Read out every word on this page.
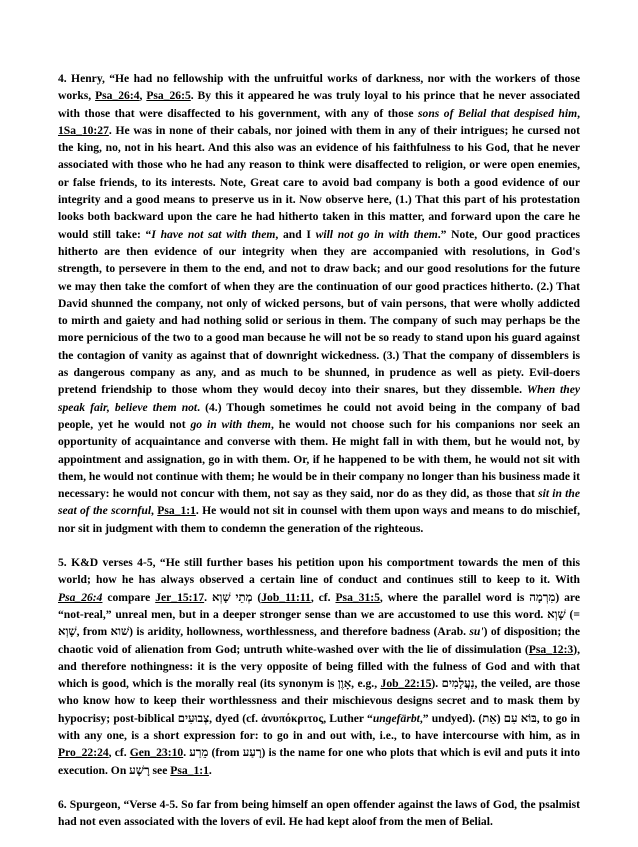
4. Henry, “He had no fellowship with the unfruitful works of darkness, nor with the workers of those works, Psa_26:4, Psa_26:5. By this it appeared he was truly loyal to his prince that he never associated with those that were disaffected to his government, with any of those sons of Belial that despised him, 1Sa_10:27. He was in none of their cabals, nor joined with them in any of their intrigues; he cursed not the king, no, not in his heart. And this also was an evidence of his faithfulness to his God, that he never associated with those who he had any reason to think were disaffected to religion, or were open enemies, or false friends, to its interests. Note, Great care to avoid bad company is both a good evidence of our integrity and a good means to preserve us in it. Now observe here, (1.) That this part of his protestation looks both backward upon the care he had hitherto taken in this matter, and forward upon the care he would still take: “I have not sat with them, and I will not go in with them.” Note, Our good practices hitherto are then evidence of our integrity when they are accompanied with resolutions, in God's strength, to persevere in them to the end, and not to draw back; and our good resolutions for the future we may then take the comfort of when they are the continuation of our good practices hitherto. (2.) That David shunned the company, not only of wicked persons, but of vain persons, that were wholly addicted to mirth and gaiety and had nothing solid or serious in them. The company of such may perhaps be the more pernicious of the two to a good man because he will not be so ready to stand upon his guard against the contagion of vanity as against that of downright wickedness. (3.) That the company of dissemblers is as dangerous company as any, and as much to be shunned, in prudence as well as piety. Evil-doers pretend friendship to those whom they would decoy into their snares, but they dissemble. When they speak fair, believe them not. (4.) Though sometimes he could not avoid being in the company of bad people, yet he would not go in with them, he would not choose such for his companions nor seek an opportunity of acquaintance and converse with them. He might fall in with them, but he would not, by appointment and assignation, go in with them. Or, if he happened to be with them, he would not sit with them, he would not continue with them; he would be in their company no longer than his business made it necessary: he would not concur with them, not say as they said, nor do as they did, as those that sit in the seat of the scornful, Psa_1:1. He would not sit in counsel with them upon ways and means to do mischief, nor sit in judgment with them to condemn the generation of the righteous.

5. K&D verses 4-5, “He still further bases his petition upon his comportment towards the men of this world; how he has always observed a certain line of conduct and continues still to keep to it. With Psa_26:4 compare Jer_15:17. מְתֵי שָׁוְא (Job_11:11, cf. Psa_31:5, where the parallel word is מִרְמָה) are “not-real,” unreal men, but in a deeper stronger sense than we are accustomed to use this word. שָׁוְא (= שָׁוְא, from שׁוא) is aridity, hollowness, worthlessness, and therefore badness (Arab. su') of disposition; the chaotic void of alienation from God; untruth white-washed over with the lie of dissimulation (Psa_12:3), and therefore nothingness: it is the very opposite of being filled with the fulness of God and with that which is good, which is the morally real (its synonym is אָוֶן, e.g., Job_22:15). נַעֲלָמִים, the veiled, are those who know how to keep their worthlessness and their mischievous designs secret and to mask them by hypocrisy; post-biblical צְבוּעִים, dyed (cf. ἀνυπόκριτος, Luther “ungefärbt,” undyed). (בּוֹא עִם (אֵת, to go in with any one, is a short expression for: to go in and out with, i.e., to have intercourse with him, as in Pro_22:24, cf. Gen_23:10. מֵרַע (from רָעַע) is the name for one who plots that which is evil and puts it into execution. On רָשָׁע see Psa_1:1.

6. Spurgeon, “Verse 4-5. So far from being himself an open offender against the laws of God, the psalmist had not even associated with the lovers of evil. He had kept aloof from the men of Belial.
